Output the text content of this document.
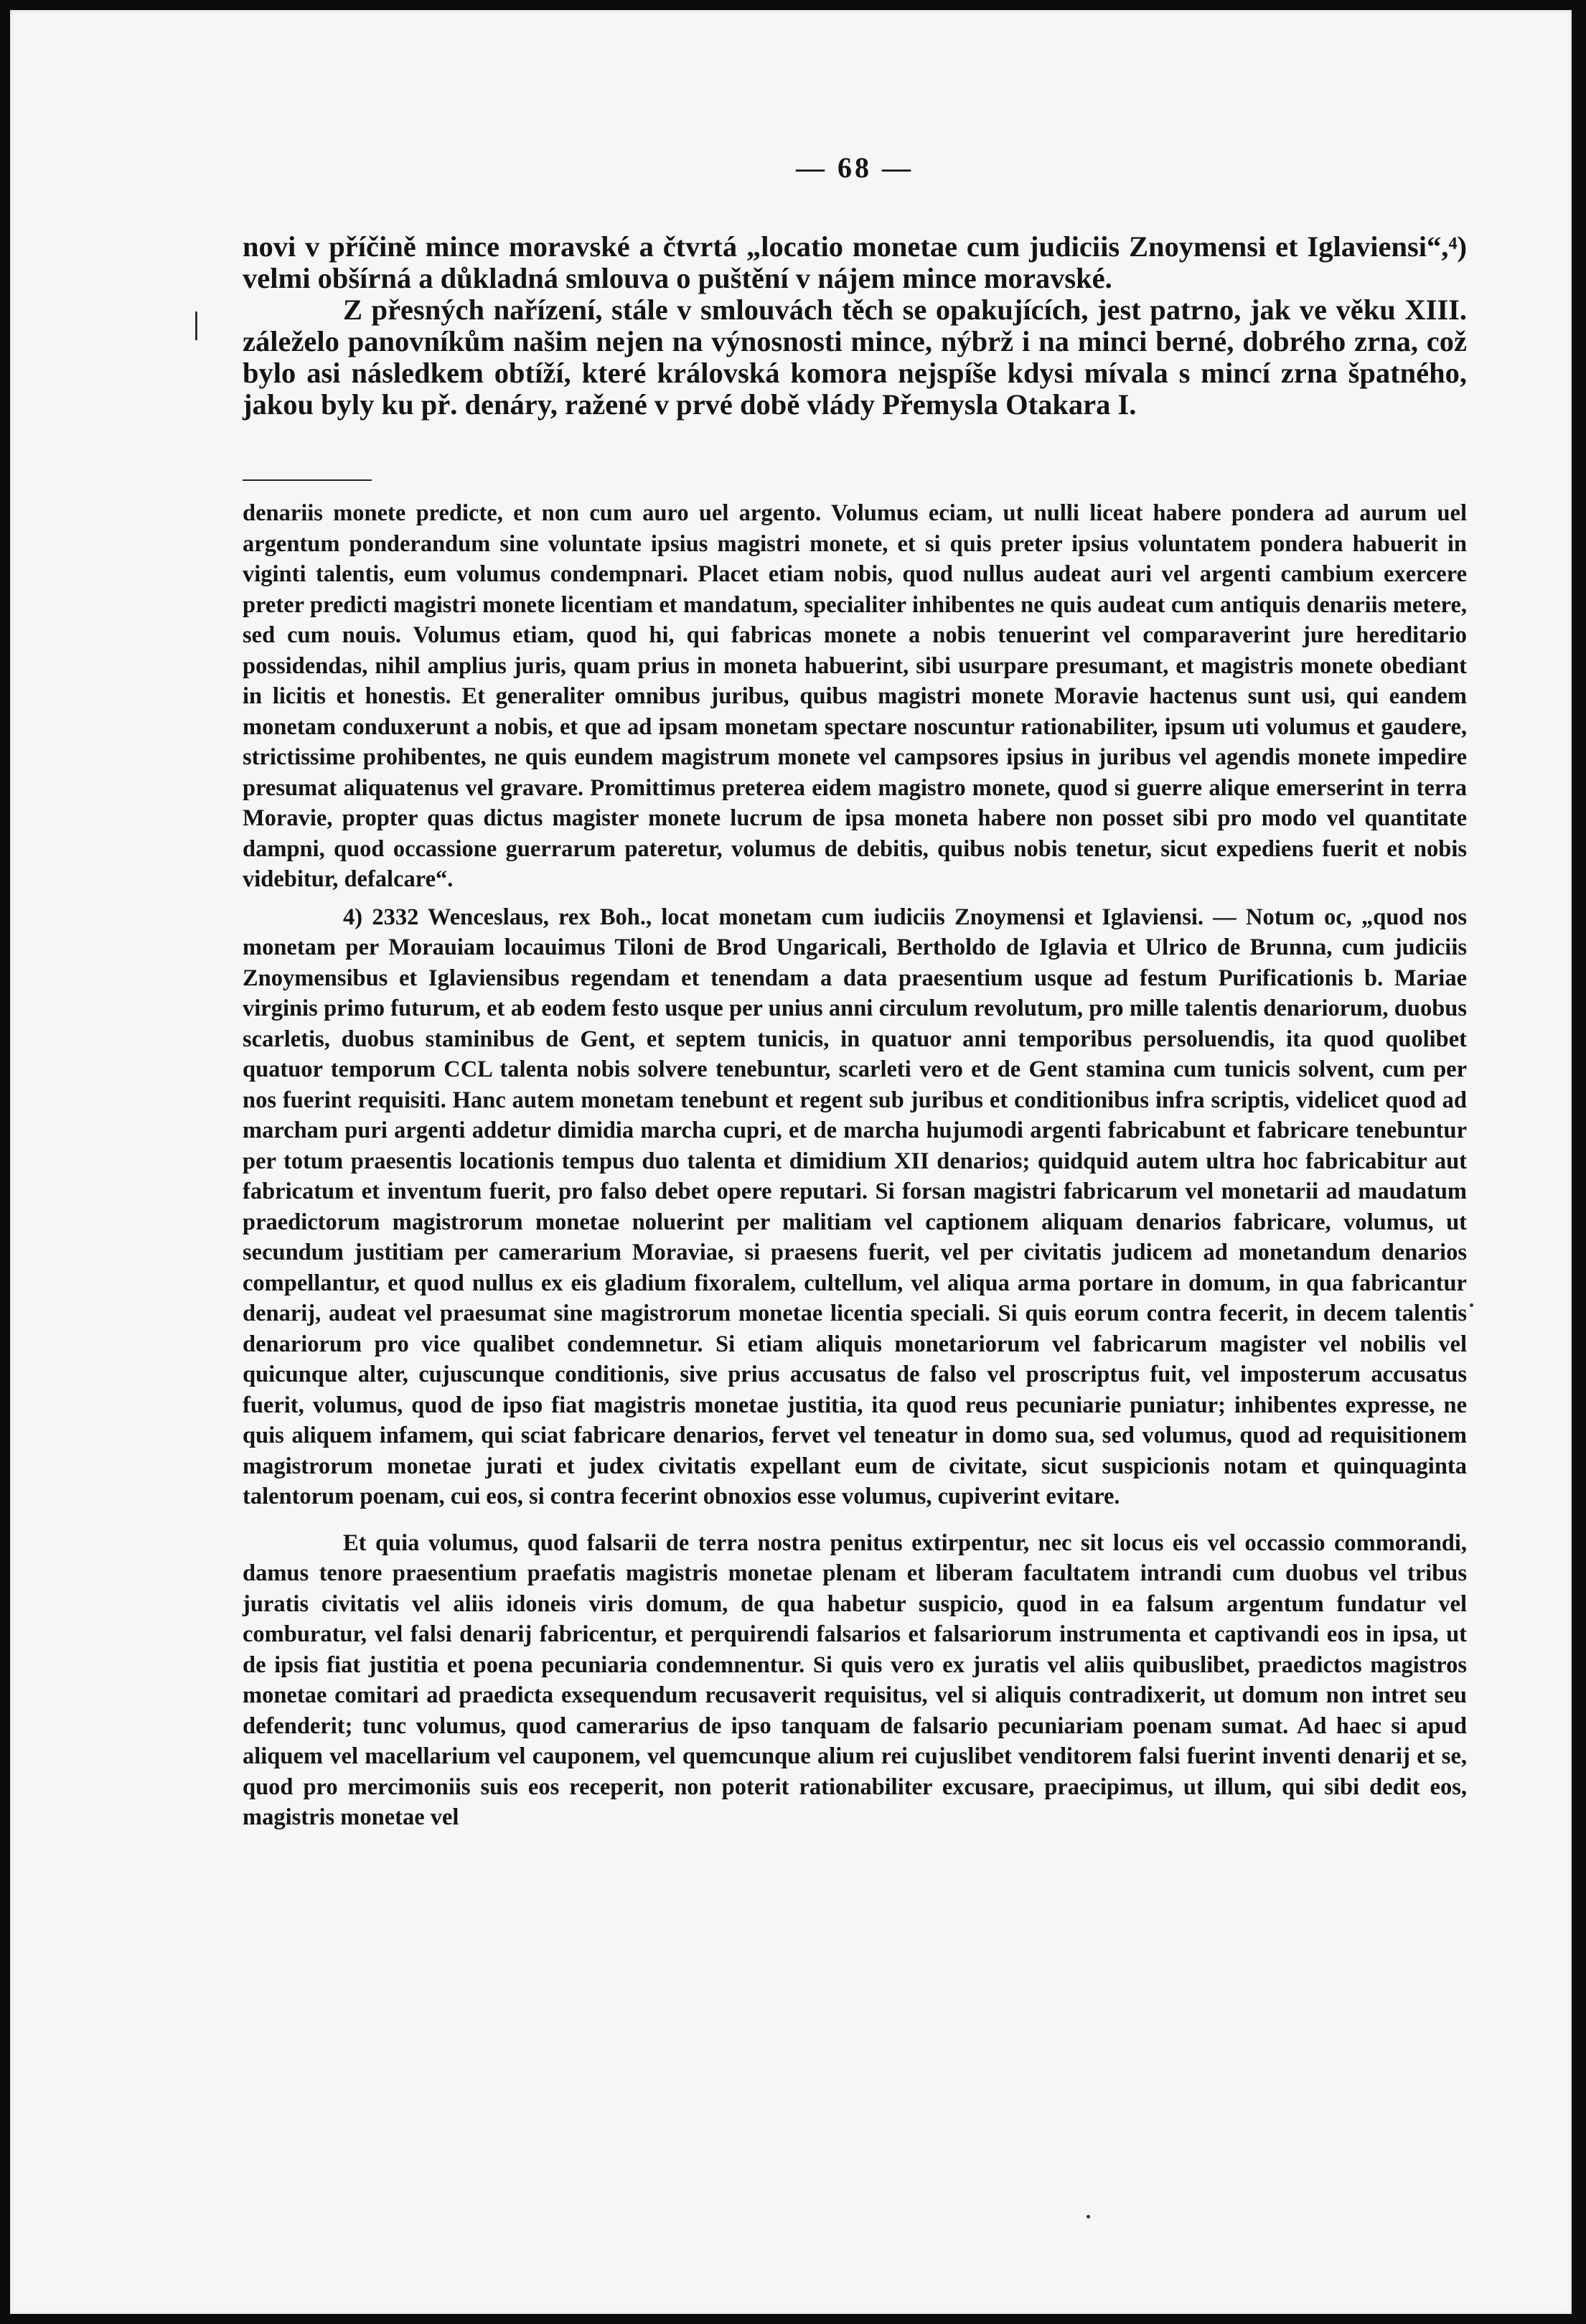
— 68 —

novi v příčině mince moravské a čtvrtá „locatio monetae cum judiciis Znoymensi et Iglaviensi“,⁴) velmi obšírná a důkladná smlouva o puštění v nájem mince moravské.

Z přesných nařízení, stále v smlouvách těch se opakujících, jest patrno, jak ve věku XIII. záleželo panovníkům našim nejen na výnosnosti mince, nýbrž i na minci berné, dobrého zrna, což bylo asi následkem obtíží, které královská komora nejspíše kdysi mívala s mincí zrna špatného, jakou byly ku př. denáry, ražené v prvé době vlády Přemysla Otakara I.

denariis monete predicte, et non cum auro uel argento. Volumus eciam, ut nulli liceat habere pondera ad aurum uel argentum ponderandum sine voluntate ipsius magistri monete, et si quis preter ipsius voluntatem pondera habuerit in viginti talentis, eum volumus condempnari. Placet etiam nobis, quod nullus audeat auri vel argenti cambium exercere preter predicti magistri monete licentiam et mandatum, specialiter inhibentes ne quis audeat cum antiquis denariis metere, sed cum nouis. Volumus etiam, quod hi, qui fabricas monete a nobis tenuerint vel comparaverint jure hereditario possidendas, nihil amplius juris, quam prius in moneta habuerint, sibi usurpare presumant, et magistris monete obediant in licitis et honestis. Et generaliter omnibus juribus, quibus magistri monete Moravie hactenus sunt usi, qui eandem monetam conduxerunt a nobis, et que ad ipsam monetam spectare noscuntur rationabiliter, ipsum uti volumus et gaudere, strictissime prohibentes, ne quis eundem magistrum monete vel campsores ipsius in juribus vel agendis monete impedire presumat aliquatenus vel gravare. Promittimus preterea eidem magistro monete, quod si guerre alique emerserint in terra Moravie, propter quas dictus magister monete lucrum de ipsa moneta habere non posset sibi pro modo vel quantitate dampni, quod occassione guerrarum pateretur, volumus de debitis, quibus nobis tenetur, sicut expediens fuerit et nobis videbitur, defalcare“.

4) 2332 Wenceslaus, rex Boh., locat monetam cum iudiciis Znoymensi et Iglaviensi. — Notum oc, „quod nos monetam per Morauiam locauimus Tiloni de Brod Ungaricali, Bertholdo de Iglavia et Ulrico de Brunna, cum judiciis Znoymensibus et Iglaviensibus regendam et tenendam a data praesentium usque ad festum Purificationis b. Mariae virginis primo futurum, et ab eodem festo usque per unius anni circulum revolutum, pro mille talentis denariorum, duobus scarletis, duobus staminibus de Gent, et septem tunicis, in quatuor anni temporibus persoluendis, ita quod quolibet quatuor temporum CCL talenta nobis solvere tenebuntur, scarleti vero et de Gent stamina cum tunicis solvent, cum per nos fuerint requisiti. Hanc autem monetam tenebunt et regent sub juribus et conditionibus infra scriptis, videlicet quod ad marcham puri argenti addetur dimidia marcha cupri, et de marcha hujumodi argenti fabricabunt et fabricare tenebuntur per totum praesentis locationis tempus duo talenta et dimidium XII denarios; quidquid autem ultra hoc fabricabitur aut fabricatum et inventum fuerit, pro falso debet opere reputari. Si forsan magistri fabricarum vel monetarii ad maudatum praedictorum magistrorum monetae noluerint per malitiam vel captionem aliquam denarios fabricare, volumus, ut secundum justitiam per camerarium Moraviae, si praesens fuerit, vel per civitatis judicem ad monetandum denarios compellantur, et quod nullus ex eis gladium fixoralem, cultellum, vel aliqua arma portare in domum, in qua fabricantur denarij, audeat vel praesumat sine magistrorum monetae licentia speciali. Si quis eorum contra fecerit, in decem talentis denariorum pro vice qualibet condemnetur. Si etiam aliquis monetariorum vel fabricarum magister vel nobilis vel quicunque alter, cujuscunque conditionis, sive prius accusatus de falso vel proscriptus fuit, vel imposterum accusatus fuerit, volumus, quod de ipso fiat magistris monetae justitia, ita quod reus pecuniarie puniatur; inhibentes expresse, ne quis aliquem infamem, qui sciat fabricare denarios, fervet vel teneatur in domo sua, sed volumus, quod ad requisitionem magistrorum monetae jurati et judex civitatis expellant eum de civitate, sicut suspicionis notam et quinquaginta talentorum poenam, cui eos, si contra fecerint obnoxios esse volumus, cupiverint evitare.

Et quia volumus, quod falsarii de terra nostra penitus extirpentur, nec sit locus eis vel occassio commorandi, damus tenore praesentium praefatis magistris monetae plenam et liberam facultatem intrandi cum duobus vel tribus juratis civitatis vel aliis idoneis viris domum, de qua habetur suspicio, quod in ea falsum argentum fundatur vel comburatur, vel falsi denarij fabricentur, et perquirendi falsarios et falsariorum instrumenta et captivandi eos in ipsa, ut de ipsis fiat justitia et poena pecuniaria condemnentur. Si quis vero ex juratis vel aliis quibuslibet, praedictos magistros monetae comitari ad praedicta exsequendum recusaverit requisitus, vel si aliquis contradixerit, ut domum non intret seu defenderit; tunc volumus, quod camerarius de ipso tanquam de falsario pecuniariam poenam sumat. Ad haec si apud aliquem vel macellarium vel cauponem, vel quemcunque alium rei cujuslibet venditorem falsi fuerint inventi denarij et se, quod pro mercimoniis suis eos receperit, non poterit rationabiliter excusare, praecipimus, ut illum, qui sibi dedit eos, magistris monetae vel
